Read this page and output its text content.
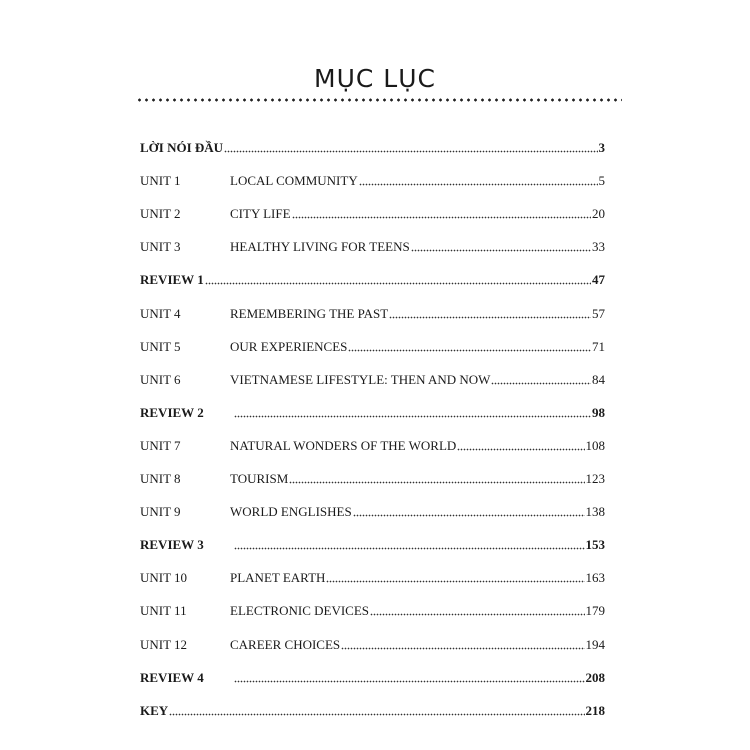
MỤC LỤC
LỜI NÓI ĐẦU	3
UNIT 1	LOCAL COMMUNITY	5
UNIT 2	CITY LIFE	20
UNIT 3	HEALTHY LIVING FOR TEENS	33
REVIEW 1	47
UNIT 4	REMEMBERING THE PAST	57
UNIT 5	OUR EXPERIENCES	71
UNIT 6	VIETNAMESE LIFESTYLE: THEN AND NOW	84
REVIEW 2	98
UNIT 7	NATURAL WONDERS OF THE WORLD	108
UNIT 8	TOURISM	123
UNIT 9	WORLD ENGLISHES	138
REVIEW 3	153
UNIT 10	PLANET EARTH	163
UNIT 11	ELECTRONIC DEVICES	179
UNIT 12	CAREER CHOICES	194
REVIEW 4	208
KEY	218
